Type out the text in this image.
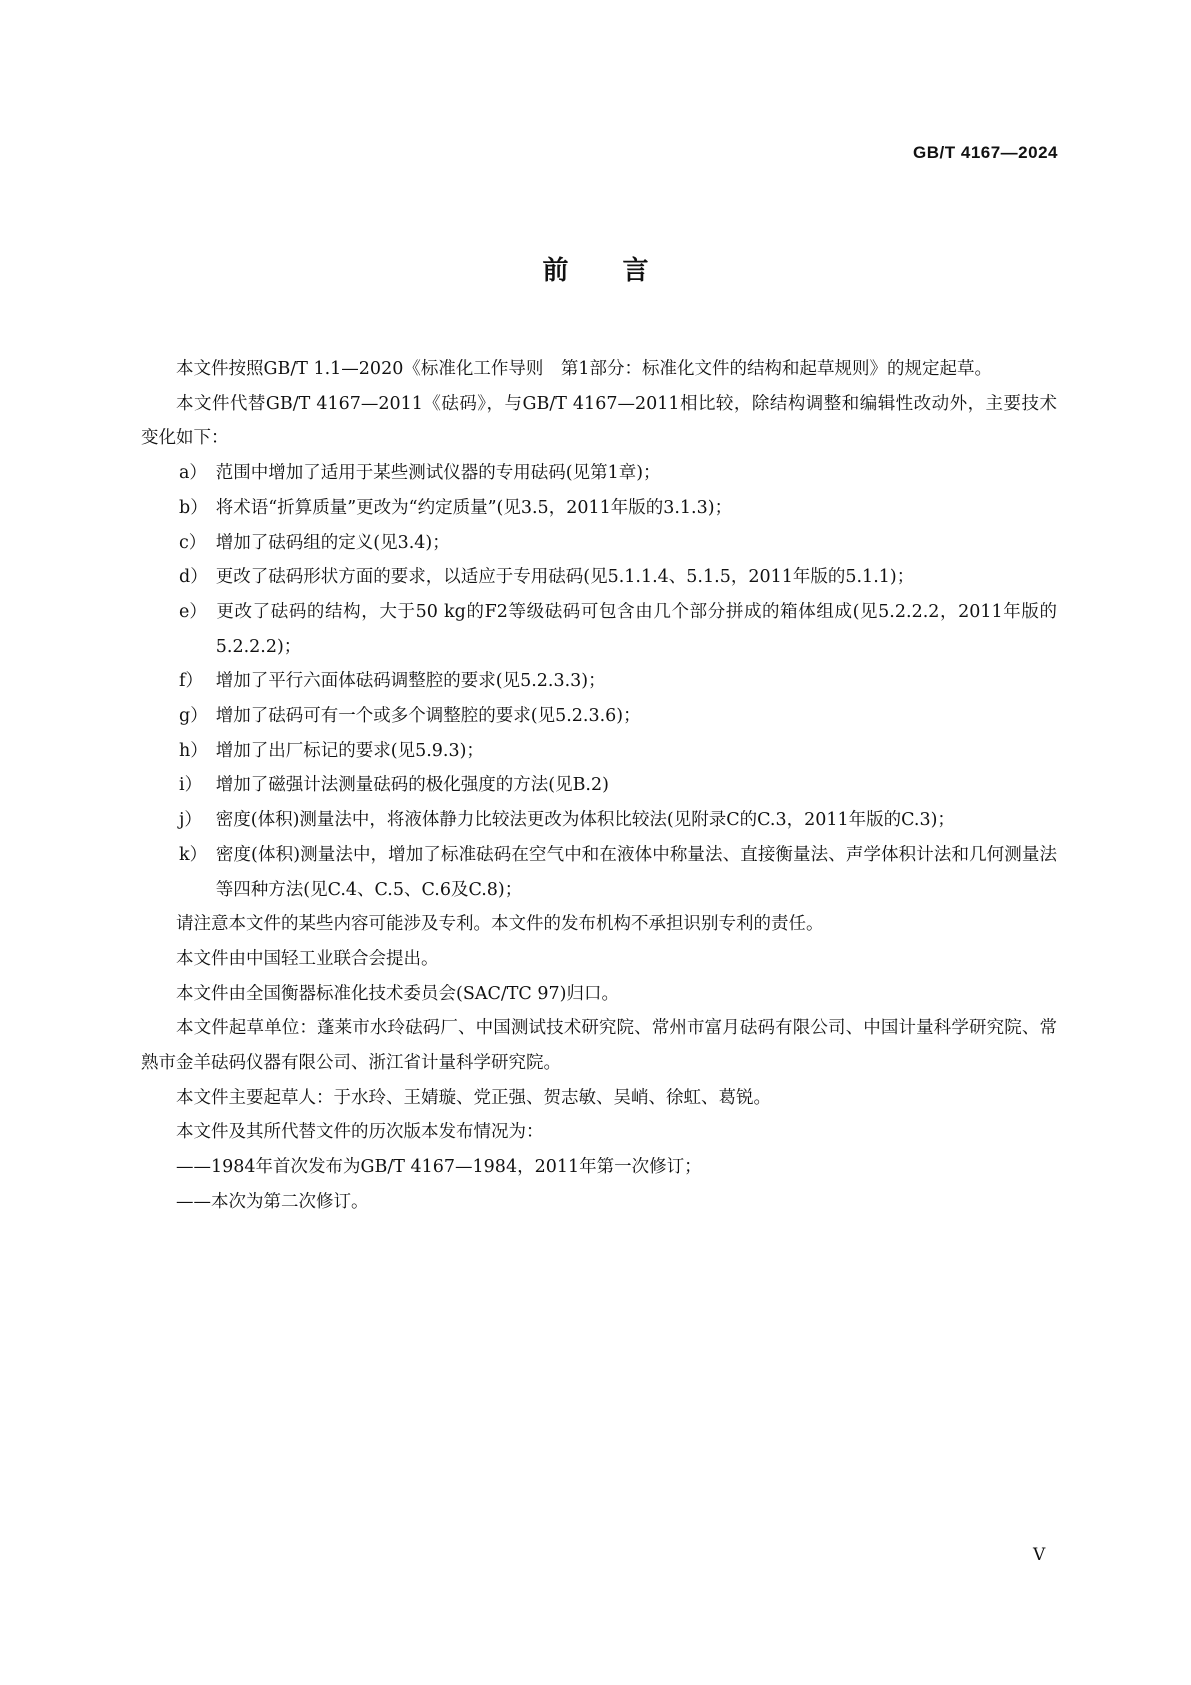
GB/T 4167—2024
前言

本文件按照GB/T 1.1—2020《标准化工作导则　第1部分：标准化文件的结构和起草规则》的规定起草。

本文件代替GB/T 4167—2011《砝码》，与GB/T 4167—2011相比较，除结构调整和编辑性改动外，主要技术变化如下：

a） 范围中增加了适用于某些测试仪器的专用砝码(见第1章)；
b） 将术语“折算质量”更改为“约定质量”(见3.5，2011年版的3.1.3)；
c） 增加了砝码组的定义(见3.4)；
d） 更改了砝码形状方面的要求，以适应于专用砝码(见5.1.1.4、5.1.5，2011年版的5.1.1)；
e） 更改了砝码的结构，大于50 kg的F2等级砝码可包含由几个部分拼成的箱体组成(见5.2.2.2，2011年版的5.2.2.2)；
f） 增加了平行六面体砝码调整腔的要求(见5.2.3.3)；
g） 增加了砝码可有一个或多个调整腔的要求(见5.2.3.6)；
h） 增加了出厂标记的要求(见5.9.3)；
i） 增加了磁强计法测量砝码的极化强度的方法(见B.2)
j） 密度(体积)测量法中，将液体静力比较法更改为体积比较法(见附录C的C.3，2011年版的C.3)；
k） 密度(体积)测量法中，增加了标准砝码在空气中和在液体中称量法、直接衡量法、声学体积计法和几何测量法等四种方法(见C.4、C.5、C.6及C.8)；

请注意本文件的某些内容可能涉及专利。本文件的发布机构不承担识别专利的责任。

本文件由中国轻工业联合会提出。

本文件由全国衡器标准化技术委员会(SAC/TC 97)归口。

本文件起草单位：蓬莱市水玲砝码厂、中国测试技术研究院、常州市富月砝码有限公司、中国计量科学研究院、常熟市金羊砝码仪器有限公司、浙江省计量科学研究院。

本文件主要起草人：于水玲、王婧璇、党正强、贺志敏、吴峭、徐虹、葛锐。

本文件及其所代替文件的历次版本发布情况为：

——1984年首次发布为GB/T 4167—1984，2011年第一次修订；

——本次为第二次修订。

V
